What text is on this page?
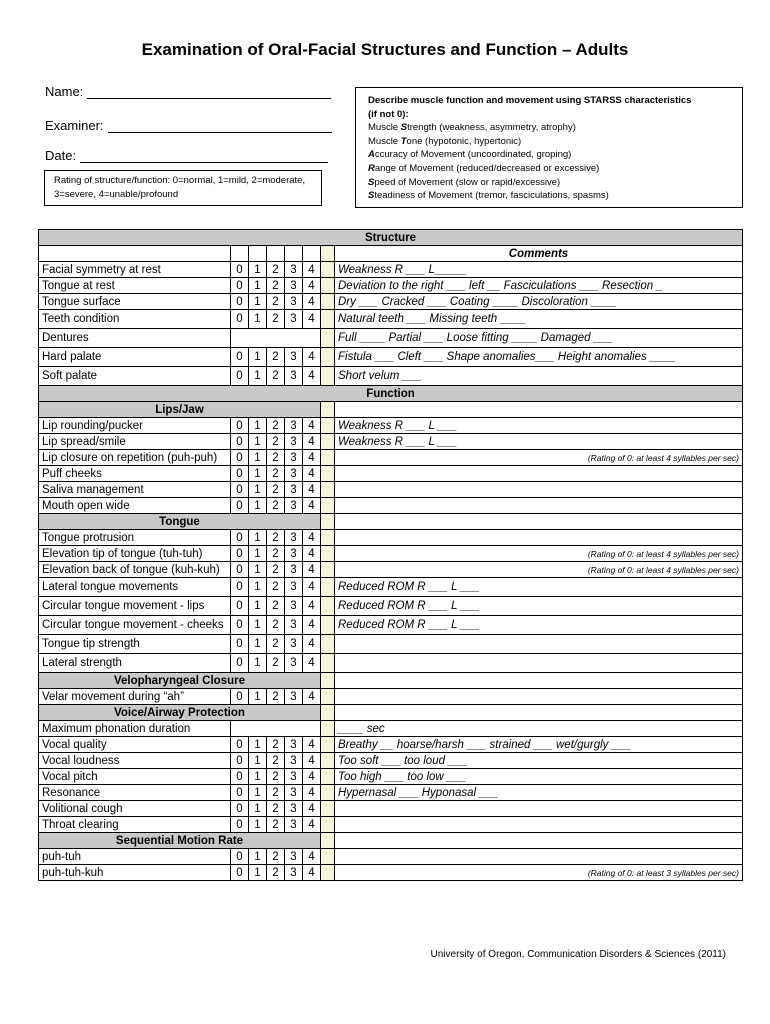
Examination of Oral-Facial Structures and Function – Adults
Name:
Examiner:
Date:
Rating of structure/function: 0=normal, 1=mild, 2=moderate,
3=severe, 4=unable/profound
Describe muscle function and movement using STARSS characteristics
(if not 0):
Muscle Strength (weakness, asymmetry, atrophy)
Muscle Tone (hypotonic, hypertonic)
Accuracy of Movement (uncoordinated, groping)
Range of Movement (reduced/decreased or excessive)
Speed of Movement (slow or rapid/excessive)
Steadiness of Movement (tremor, fasciculations, spasms)
Structure							
							Comments
Facial symmetry at rest	0	1	2	3	4		Weakness R ___ L_____
Tongue at rest	0	1	2	3	4		Deviation to the right ___ left __ Fasciculations ___ Resection _
Tongue surface	0	1	2	3	4		Dry ___ Cracked ___ Coating ____ Discoloration ____
Teeth condition	0	1	2	3	4		Natural teeth ___ Missing teeth ____
Dentures							Full ____ Partial ___ Loose fitting ____ Damaged ___
Hard palate	0	1	2	3	4		Fistula ___ Cleft ___ Shape anomalies___ Height anomalies ____
Soft palate	0	1	2	3	4		Short velum ___
Function							
Lips/Jaw							
Lip rounding/pucker	0	1	2	3	4		Weakness R ___ L ___
Lip spread/smile	0	1	2	3	4		Weakness R ___ L ___
Lip closure on repetition (puh-puh)	0	1	2	3	4		(Rating of 0: at least 4 syllables per sec)
Puff cheeks	0	1	2	3	4		
Saliva management	0	1	2	3	4		
Mouth open wide	0	1	2	3	4		
Tongue							
Tongue protrusion	0	1	2	3	4		
Elevation tip of tongue (tuh-tuh)	0	1	2	3	4		(Rating of 0: at least 4 syllables per sec)
Elevation back of tongue (kuh-kuh)	0	1	2	3	4		(Rating of 0: at least 4 syllables per sec)
Lateral tongue movements	0	1	2	3	4		Reduced ROM R ___ L ___
Circular tongue movement - lips	0	1	2	3	4		Reduced ROM R ___ L ___
Circular tongue movement - cheeks	0	1	2	3	4		Reduced ROM R ___ L ___
Tongue tip strength	0	1	2	3	4		
Lateral strength	0	1	2	3	4		
Velopharyngeal Closure							
Velar movement during “ah”	0	1	2	3	4		
Voice/Airway Protection							
Maximum phonation duration							____ sec
Vocal quality	0	1	2	3	4		Breathy __ hoarse/harsh ___ strained ___ wet/gurgly ___
Vocal loudness	0	1	2	3	4		Too soft ___ too loud ___
Vocal pitch	0	1	2	3	4		Too high ___ too low ___
Resonance	0	1	2	3	4		Hypernasal ___ Hyponasal ___
Volitional cough	0	1	2	3	4		
Throat clearing	0	1	2	3	4		
Sequential Motion Rate							
puh-tuh	0	1	2	3	4		
puh-tuh-kuh	0	1	2	3	4		(Rating of 0: at least 3 syllables per sec)
University of Oregon, Communication Disorders & Sciences (2011)
